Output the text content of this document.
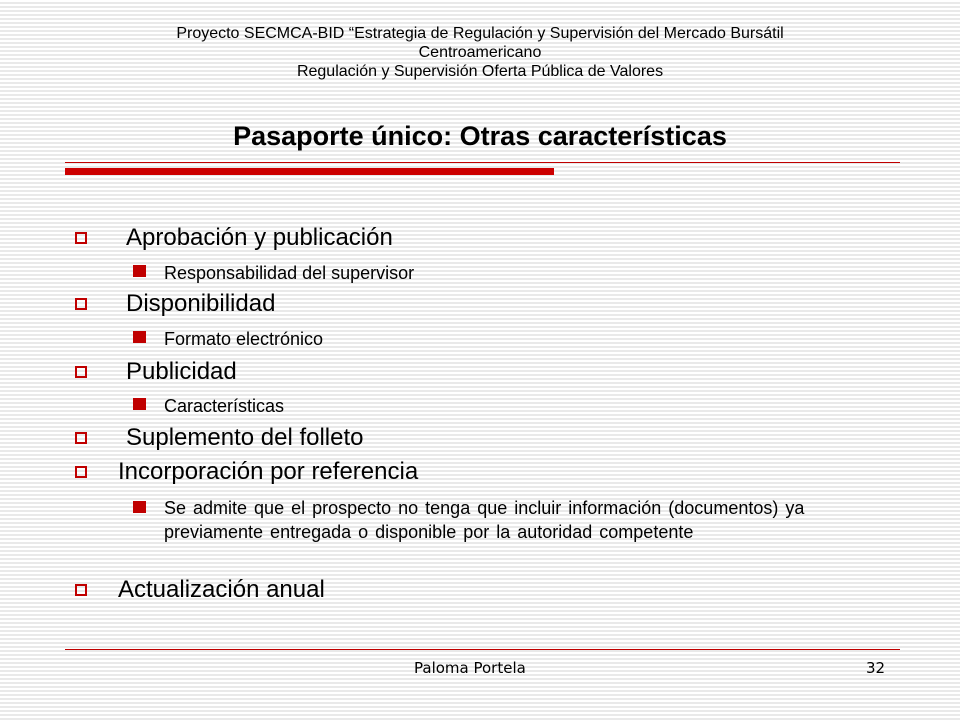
Proyecto SECMCA-BID “Estrategia de Regulación y Supervisión del Mercado Bursátil
Centroamericano
Regulación y Supervisión Oferta Pública de Valores
Pasaporte único: Otras características
Aprobación y publicación
Responsabilidad del supervisor
Disponibilidad
Formato electrónico
Publicidad
Características
Suplemento del folleto
Incorporación por referencia
Se admite que el prospecto no tenga que incluir información (documentos) ya previamente entregada o disponible por la autoridad competente
Actualización anual
Paloma Portela	32
